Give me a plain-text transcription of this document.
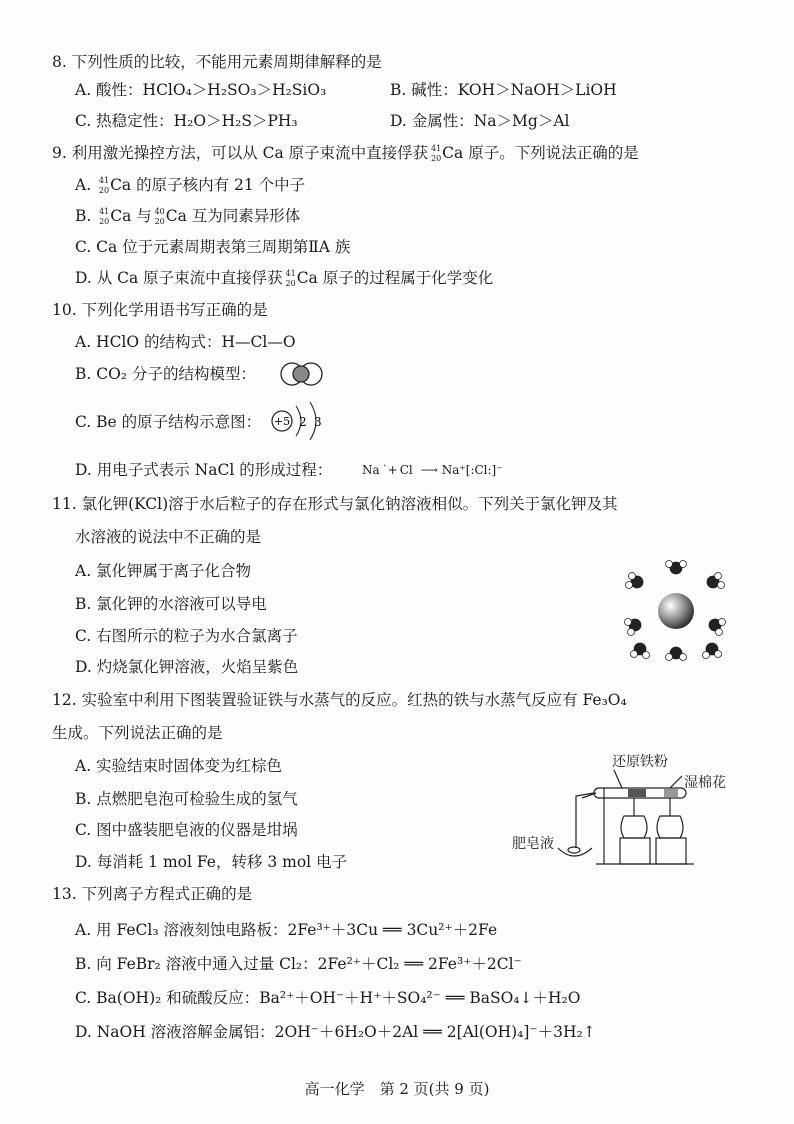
8. 下列性质的比较，不能用元素周期律解释的是
A. 酸性：HClO₄＞H₂SO₃＞H₂SiO₃	B. 碱性：KOH＞NaOH＞LiOH
C. 热稳定性：H₂O＞H₂S＞PH₃	D. 金属性：Na＞Mg＞Al
9. 利用激光操控方法，可以从 Ca 原子束流中直接俘获 41
20 Ca 原子。下列说法正确的是
A. 41
20 Ca 的原子核内有 21 个中子
B. 41
20 Ca 与 40
20 Ca 互为同素异形体
C. Ca 位于元素周期表第三周期第ⅡA 族
D. 从 Ca 原子束流中直接俘获 41
20 Ca 原子的过程属于化学变化
10. 下列化学用语书写正确的是
A. HClO 的结构式：H—Cl—O
B. CO₂ 分子的结构模型：
C. Be 的原子结构示意图： +5 2 3
D. 用电子式表示 NaCl 的形成过程： Na ˙+ Cl ⟶ Na⁺[:Cl:]⁻
11. 氯化钾(KCl)溶于水后粒子的存在形式与氯化钠溶液相似。下列关于氯化钾及其
水溶液的说法中不正确的是
A. 氯化钾属于离子化合物
B. 氯化钾的水溶液可以导电
C. 右图所示的粒子为水合氯离子
D. 灼烧氯化钾溶液，火焰呈紫色
12. 实验室中利用下图装置验证铁与水蒸气的反应。红热的铁与水蒸气反应有 Fe₃O₄
生成。下列说法正确的是
A. 实验结束时固体变为红棕色
B. 点燃肥皂泡可检验生成的氢气
C. 图中盛装肥皂液的仪器是坩埚
D. 每消耗 1 mol Fe，转移 3 mol 电子
还原铁粉
湿棉花
肥皂液
13. 下列离子方程式正确的是
A. 用 FeCl₃ 溶液刻蚀电路板：2Fe³⁺＋3Cu ══ 3Cu²⁺＋2Fe
B. 向 FeBr₂ 溶液中通入过量 Cl₂：2Fe²⁺＋Cl₂ ══ 2Fe³⁺＋2Cl⁻
C. Ba(OH)₂ 和硫酸反应：Ba²⁺＋OH⁻＋H⁺＋SO₄²⁻ ══ BaSO₄↓＋H₂O
D. NaOH 溶液溶解金属铝：2OH⁻＋6H₂O＋2Al ══ 2[Al(OH)₄]⁻＋3H₂↑
高一化学　第 2 页(共 9 页)
